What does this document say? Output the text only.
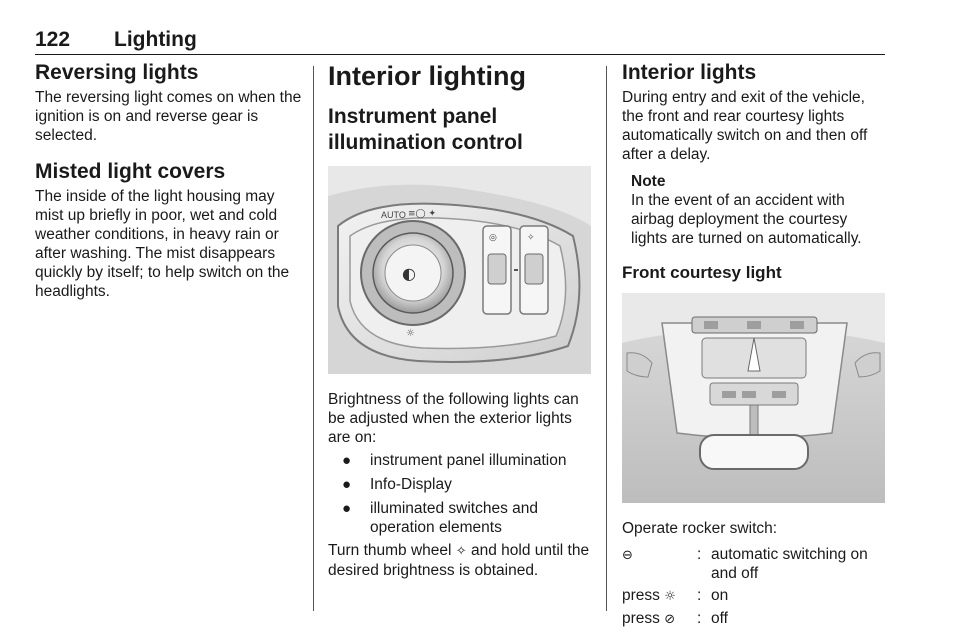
122 Lighting
Reversing lights

The reversing light comes on when the ignition is on and reverse gear is selected.

Misted light covers

The inside of the light housing may mist up briefly in poor, wet and cold weather conditions, in heavy rain or after washing. The mist disappears quickly by itself; to help switch on the headlights.

Interior lighting
Instrument panel illumination control
◐
AUTO ≡◯ ✦
☼
◎	✧

Brightness of the following lights can be adjusted when the exterior lights are on:

● instrument panel illumination
● Info-Display
● illuminated switches and operation elements

Turn thumb wheel ✧ and hold until the desired brightness is obtained.

Interior lights

During entry and exit of the vehicle, the front and rear courtesy lights automatically switch on and then off after a delay.

Note

In the event of an accident with airbag deployment the courtesy lights are turned on automatically.

Front courtesy light

Operate rocker switch:

⊖	:	automatic switching on and off
press ☼	:	on
press ⊘	:	off
